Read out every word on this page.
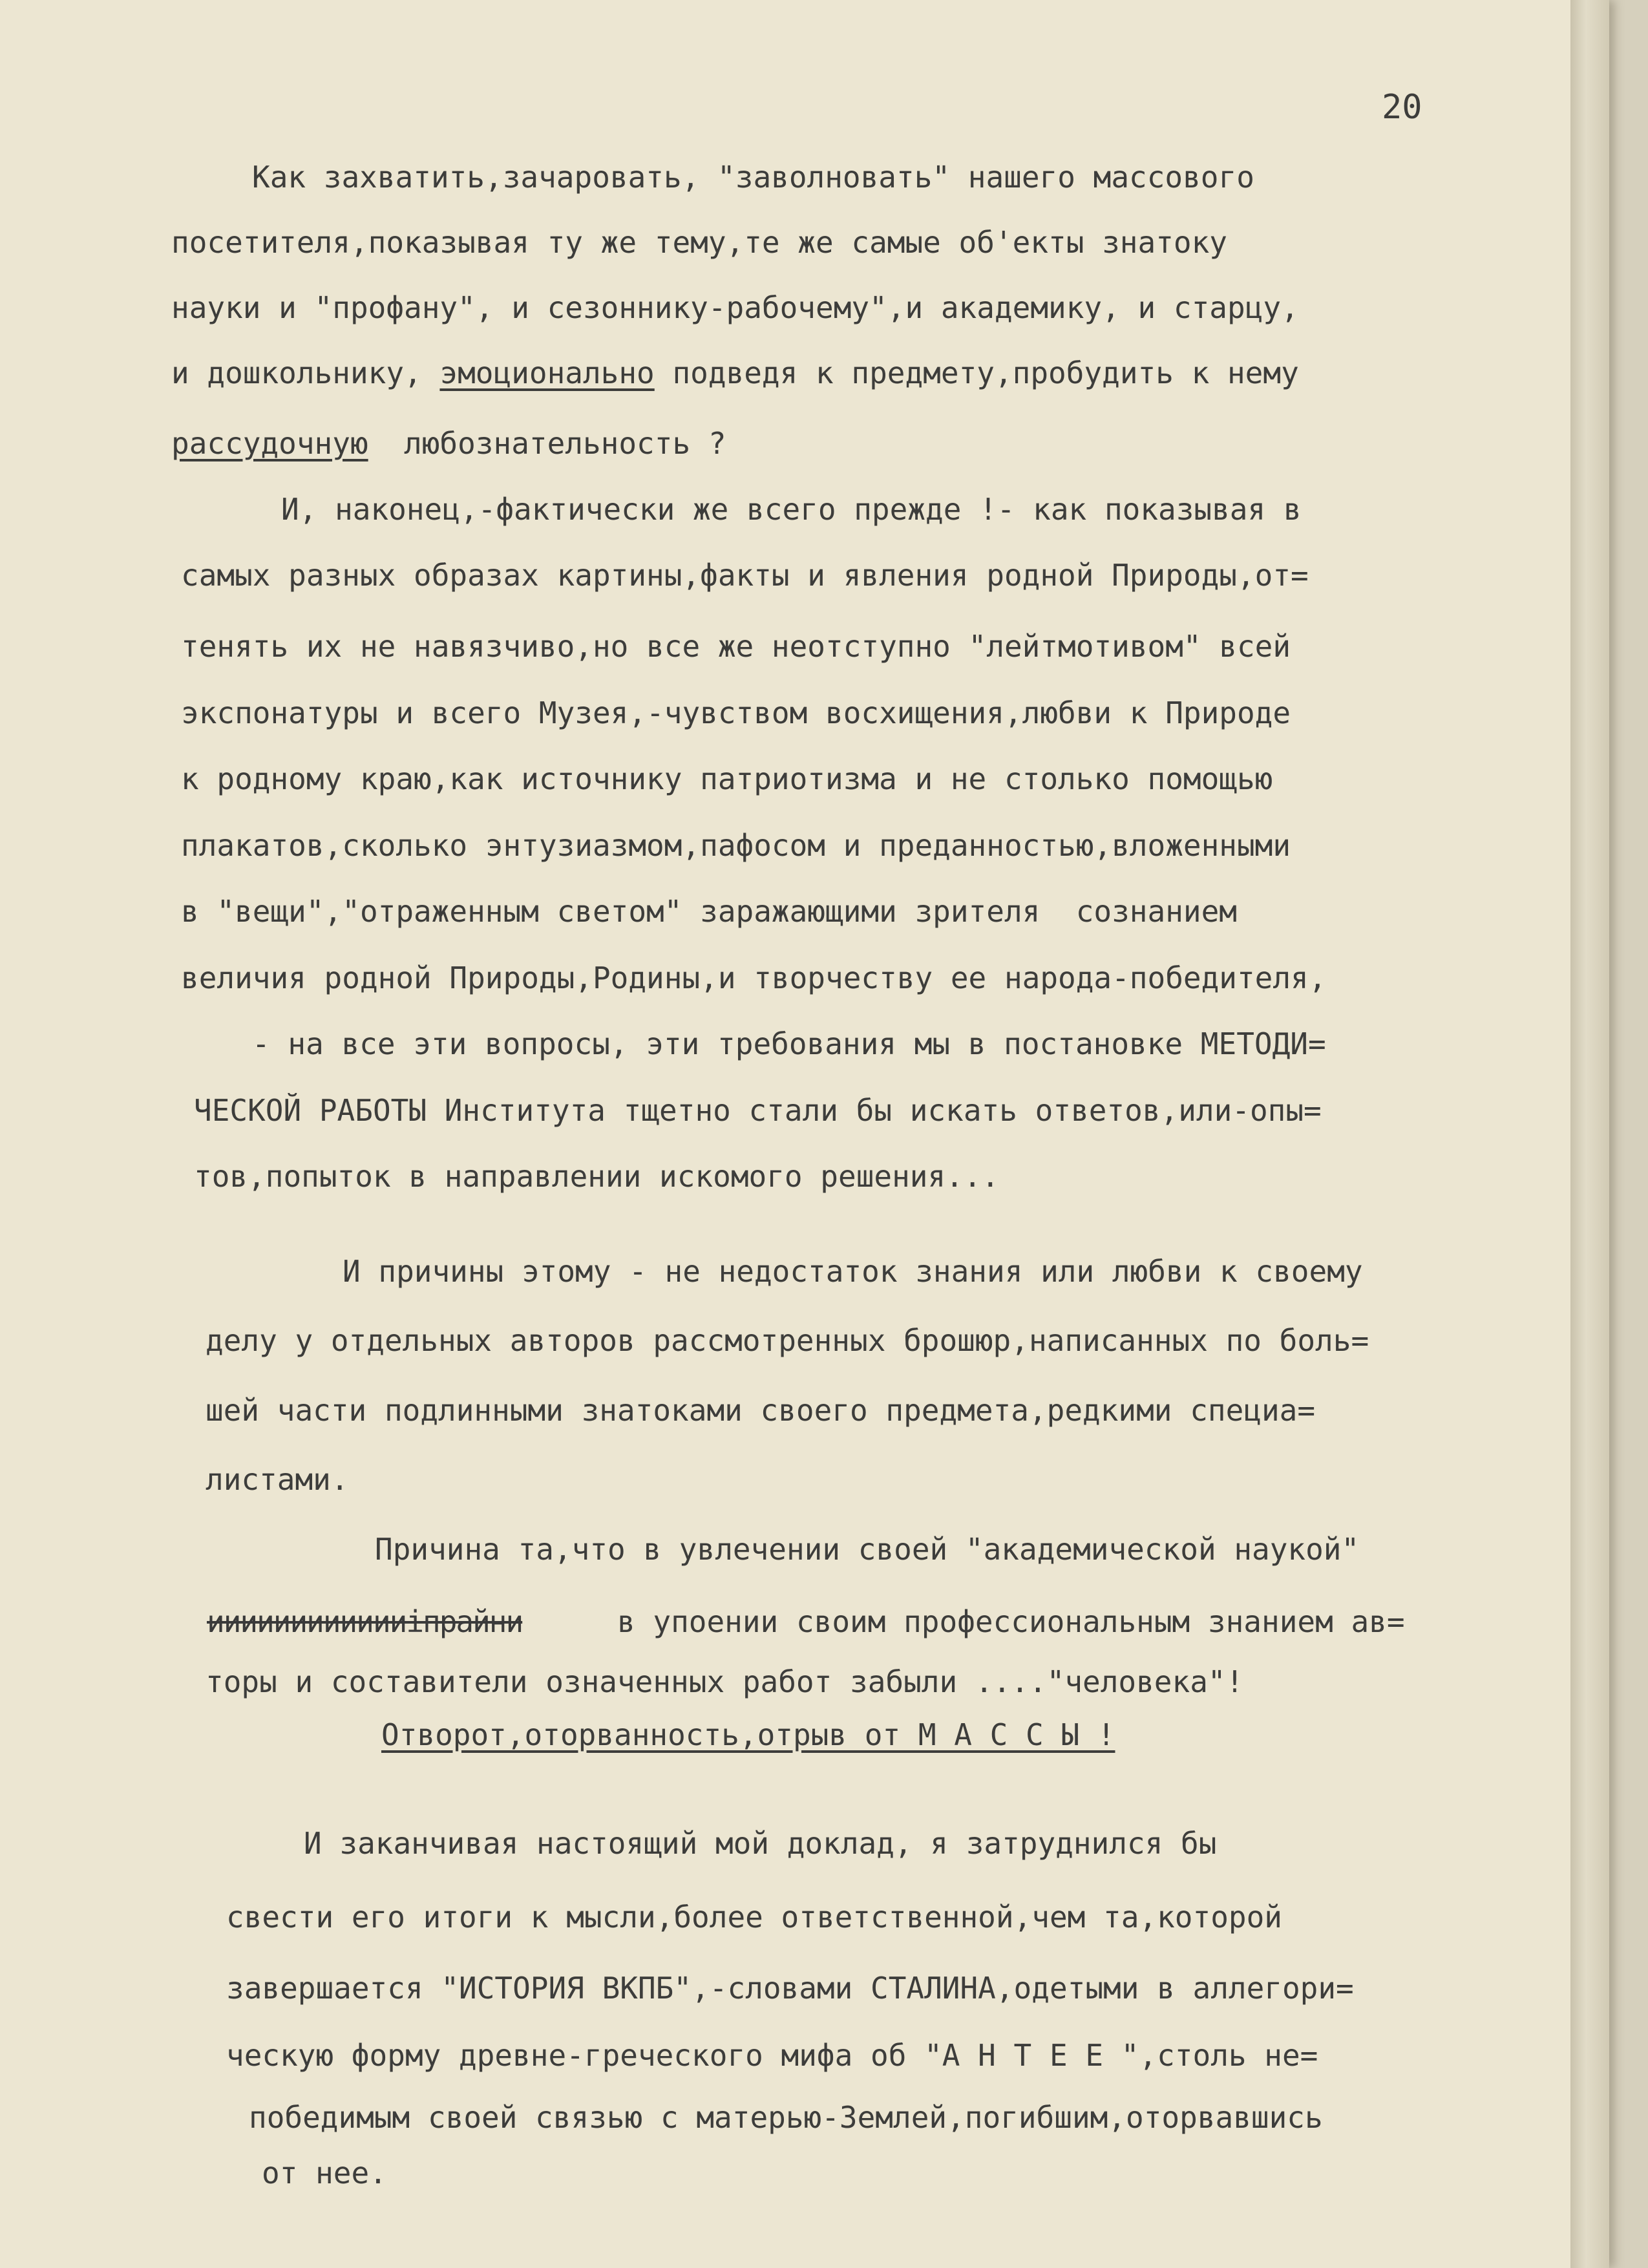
20

Как захватить,зачаровать, "заволновать" нашего массового

посетителя,показывая ту же тему,те же самые об'екты знатоку

науки и "профану", и сезоннику-рабочему",и академику, и старцу,

и дошкольнику, эмоционально подведя к предмету,пробудить к нему

рассудочную  любознательность ?

И, наконец,-фактически же всего прежде !- как показывая в

самых разных образах картины,факты и явления родной Природы,от=

тенять их не навязчиво,но все же неотступно "лейтмотивом" всей

экспонатуры и всего Музея,-чувством восхищения,любви к Природе

к родному краю,как источнику патриотизма и не столько помощью

плакатов,сколько энтузиазмом,пафосом и преданностью,вложенными

в "вещи","отраженным светом" заражающими зрителя  сознанием

величия родной Природы,Родины,и творчеству ее народа-победителя,

- на все эти вопросы, эти требования мы в постановке МЕТОДИ=

ЧЕСКОЙ РАБОТЫ Института тщетно стали бы искать ответов,или-опы=

тов,попыток в направлении искомого решения...

И причины этому - не недостаток знания или любви к своему

делу у отдельных авторов рассмотренных брошюр,написанных по боль=

шей части подлинными знатоками своего предмета,редкими специа=

листами.

Причина та,что в увлечении своей "академической наукой"

ииииииииииииiпрайни	в упоении своим профессиональным знанием ав=

торы и составители означенных работ забыли ...."человека"!

Отворот,оторванность,отрыв от М А С С Ы !

И заканчивая настоящий мой доклад, я затруднился бы

свести его итоги к мысли,более ответственной,чем та,которой

завершается "ИСТОРИЯ ВКПБ",-словами СТАЛИНА,одетыми в аллегори=

ческую форму древне-греческого мифа об "А Н Т Е Е ",столь не=

победимым своей связью с матерью-Землей,погибшим,оторвавшись

от нее.
